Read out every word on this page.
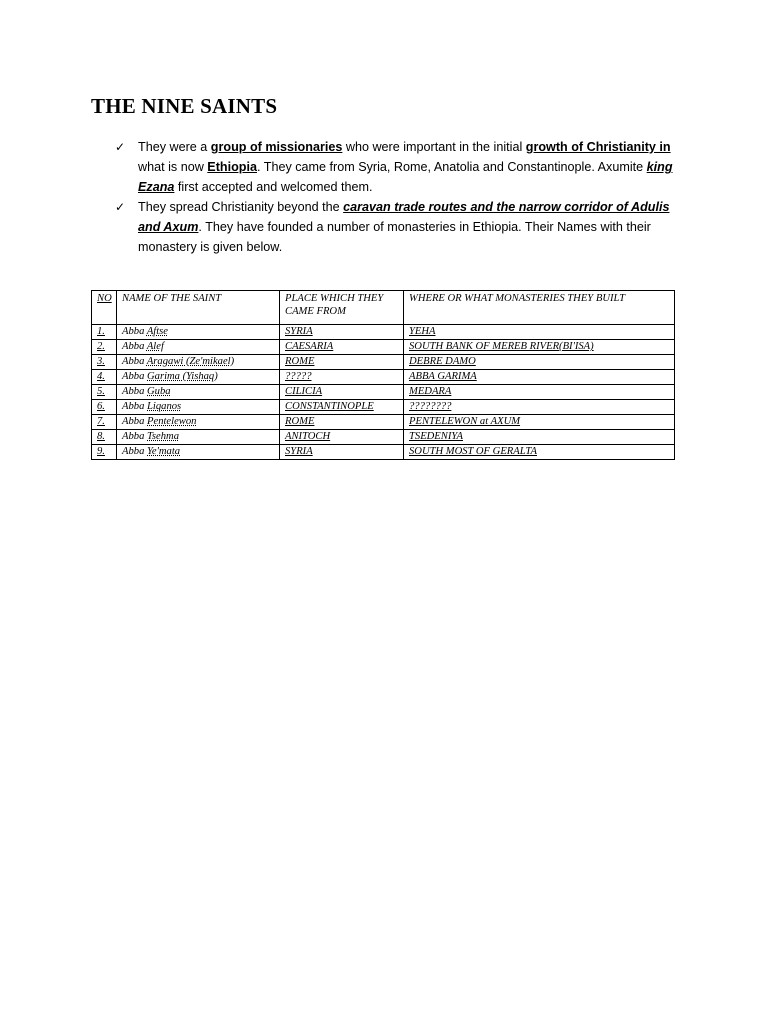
THE NINE SAINTS
✓ They were a group of missionaries who were important in the initial growth of Christianity in what is now Ethiopia. They came from Syria, Rome, Anatolia and Constantinople. Axumite king Ezana first accepted and welcomed them.
✓ They spread Christianity beyond the caravan trade routes and the narrow corridor of Adulis and Axum. They have founded a number of monasteries in Ethiopia. Their Names with their monastery is given below.
NO	NAME OF THE SAINT	PLACE WHICH THEY CAME FROM	WHERE OR WHAT MONASTERIES THEY BUILT
1.	Abba Aftse	SYRIA	YEHA
2.	Abba Alef	CAESARIA	SOUTH BANK OF MEREB RIVER(BI'ISA)
3.	Abba Aragawi (Ze'mikael)	ROME	DEBRE DAMO
4.	Abba Garima (Yishaq)	?????	ABBA GARIMA
5.	Abba Guba	CILICIA	MEDARA
6.	Abba Liqanos	CONSTANTINOPLE	????????
7.	Abba Pentelewon	ROME	PENTELEWON at AXUM
8.	Abba Tsehma	ANITOCH	TSEDENIYA
9.	Abba Ye'mata	SYRIA	SOUTH MOST OF GERALTA
